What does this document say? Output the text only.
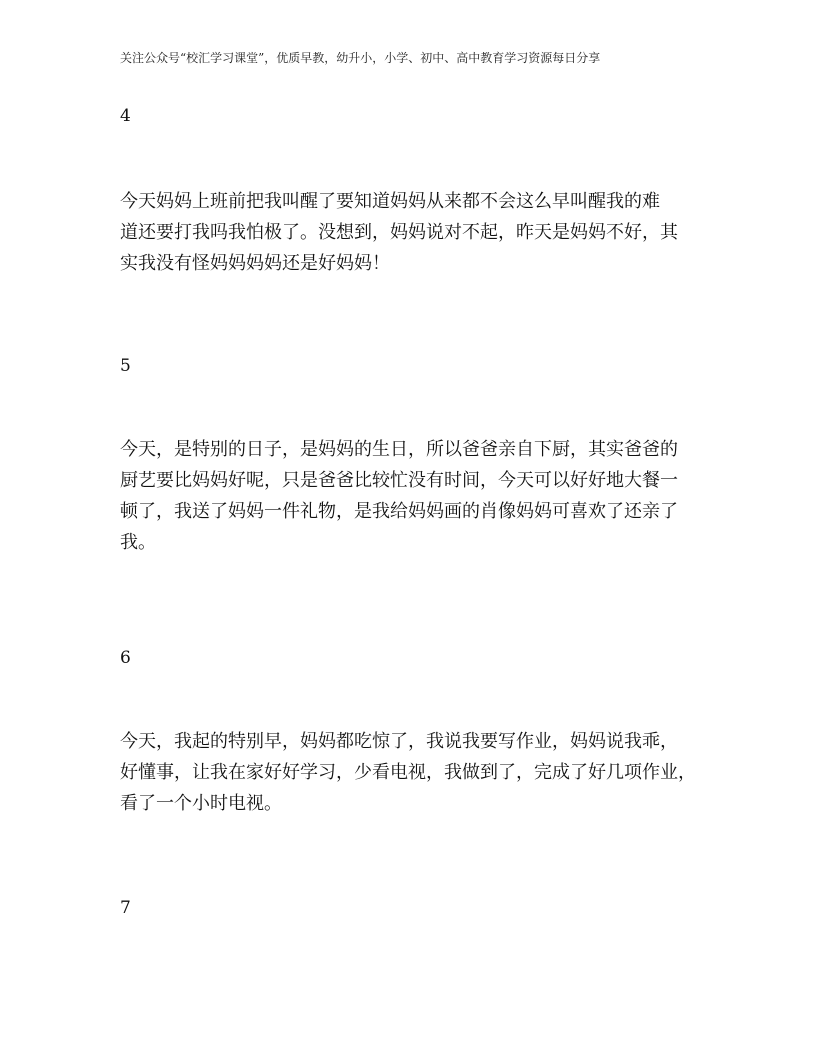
关注公众号“校汇学习课堂”，优质早教，幼升小，小学、初中、高中教育学习资源每日分享
4
今天妈妈上班前把我叫醒了要知道妈妈从来都不会这么早叫醒我的难
道还要打我吗我怕极了。没想到，妈妈说对不起，昨天是妈妈不好，其
实我没有怪妈妈妈妈还是好妈妈！
5
今天，是特别的日子，是妈妈的生日，所以爸爸亲自下厨，其实爸爸的
厨艺要比妈妈好呢，只是爸爸比较忙没有时间，今天可以好好地大餐一
顿了，我送了妈妈一件礼物，是我给妈妈画的肖像妈妈可喜欢了还亲了
我。
6
今天，我起的特别早，妈妈都吃惊了，我说我要写作业，妈妈说我乖，
好懂事，让我在家好好学习，少看电视，我做到了，完成了好几项作业，
看了一个小时电视。
7
